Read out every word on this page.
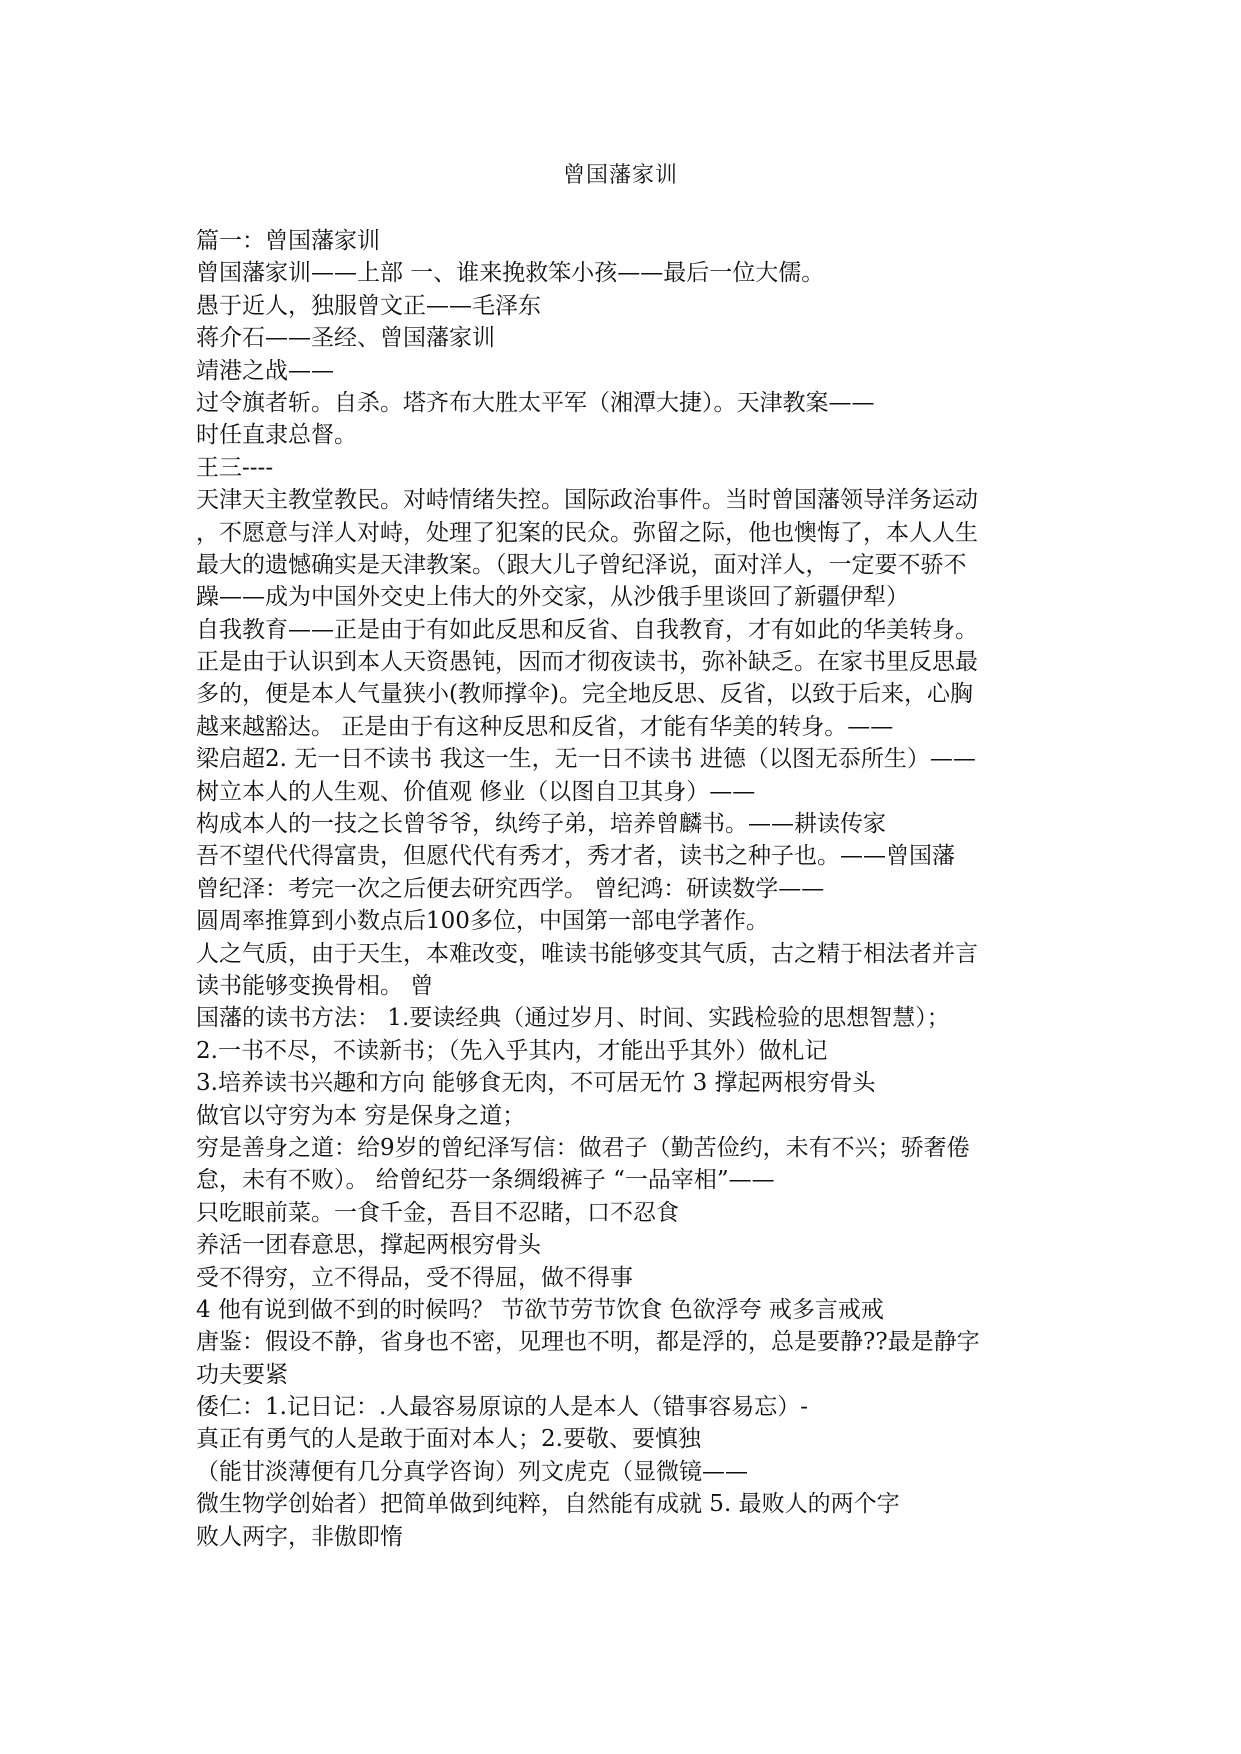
曾国藩家训

篇一：曾国藩家训

曾国藩家训——上部 一、谁来挽救笨小孩——最后一位大儒。

愚于近人，独服曾文正——毛泽东

蒋介石——圣经、曾国藩家训

靖港之战——

过令旗者斩。自杀。塔齐布大胜太平军（湘潭大捷）。天津教案——

时任直隶总督。

王三----

天津天主教堂教民。对峙情绪失控。国际政治事件。当时曾国藩领导洋务运动

，不愿意与洋人对峙，处理了犯案的民众。弥留之际，他也懊悔了，本人人生

最大的遗憾确实是天津教案。（跟大儿子曾纪泽说，面对洋人，一定要不骄不

躁——成为中国外交史上伟大的外交家，从沙俄手里谈回了新疆伊犁）

自我教育——正是由于有如此反思和反省、自我教育，才有如此的华美转身。

正是由于认识到本人天资愚钝，因而才彻夜读书，弥补缺乏。在家书里反思最

多的，便是本人气量狭小(教师撑伞)。完全地反思、反省，以致于后来，心胸

越来越豁达。 正是由于有这种反思和反省，才能有华美的转身。——

梁启超2. 无一日不读书 我这一生，无一日不读书 进德（以图无忝所生）——

树立本人的人生观、价值观 修业（以图自卫其身）——

构成本人的一技之长曾爷爷，纨绔子弟，培养曾麟书。——耕读传家

吾不望代代得富贵，但愿代代有秀才，秀才者，读书之种子也。——曾国藩

曾纪泽：考完一次之后便去研究西学。 曾纪鸿：研读数学——

圆周率推算到小数点后100多位，中国第一部电学著作。

人之气质，由于天生，本难改变，唯读书能够变其气质，古之精于相法者并言

读书能够变换骨相。 曾

国藩的读书方法： 1.要读经典（通过岁月、时间、实践检验的思想智慧）；

2.一书不尽，不读新书；（先入乎其内，才能出乎其外）做札记

3.培养读书兴趣和方向 能够食无肉，不可居无竹 3 撑起两根穷骨头

做官以守穷为本 穷是保身之道；

穷是善身之道：给9岁的曾纪泽写信：做君子（勤苦俭约，未有不兴；骄奢倦

怠，未有不败）。 给曾纪芬一条绸缎裤子 “一品宰相”——

只吃眼前菜。一食千金，吾目不忍睹，口不忍食

养活一团春意思，撑起两根穷骨头

受不得穷，立不得品，受不得屈，做不得事

4 他有说到做不到的时候吗？ 节欲节劳节饮食 色欲浮夸 戒多言戒戒

唐鉴：假设不静，省身也不密，见理也不明，都是浮的，总是要静??最是静字

功夫要紧

倭仁：1.记日记：.人最容易原谅的人是本人（错事容易忘）-

真正有勇气的人是敢于面对本人；2.要敬、要慎独

（能甘淡薄便有几分真学咨询）列文虎克（显微镜——

微生物学创始者）把简单做到纯粹，自然能有成就 5. 最败人的两个字

败人两字，非傲即惰
